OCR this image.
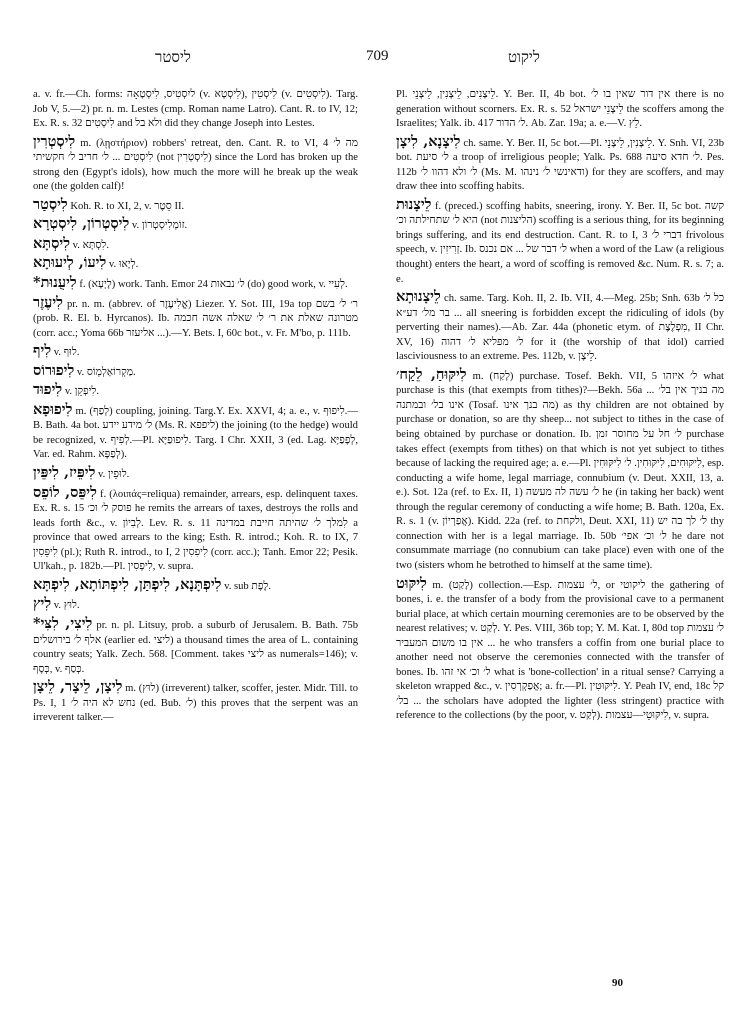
ליסטר	709	ליקוט
a. v. fr.—Ch. forms: ליִסְטִיס, לִיסְטָאָה (v. לִיסְטָא), לִיסְטִין (v. לִיסְטִים). Targ. Job V, 5.—2) pr. n. m. Lestes (cmp. Roman name Latro). Cant. R. to IV, 12; Ex. R. s. 32 לִיסְטִים and ולא בל did they change Joseph into Lestes.
לִיסְטְרִין m. (λῃστήριον) robbers' retreat, den. Cant. R. to VI, 4 מה ל׳ לִיסְטִים ... ל׳ חריב ל׳ חקשיתי (not לִיסְטְרִין) since the Lord has broken up the strong den (Egypt's idols), how much the more will he break up the weak one (the golden calf)!
לִיסְטַר Koh. R. to XI, 2, v. סֵטֶר II.
לִיסְטְרוֹן, לִיסְטְרָא v. זוֹמְלִיסְטְרוֹן.
לִיסְתָּא v. לִסְתָּא.
לִיעוֹ, לְיעוּתָא v. לְיָאוּ.
*לִיעֻנוּת f. (לָיְעָא) work. Tanh. Emor 24 ל׳ נבאות (do) good work, v. לְעִיי.
לִיעֶזֶר pr. n. m. (abbrev. of אֱלִיעֶזֶר) Liezer. Y. Sot. III, 19a top ר׳ ל׳ בשם (prob. R. El. b. Hyrcanos). Ib. מטרונה שאלת את ר׳ ל׳ שאלה אשה חכמה (corr. acc.; Yoma 66b אליעזר ...).—Y. Bets. I, 60c bot., v. Fr. M'bo, p. 111b.
לִיף v. לוּף.
לִיפוּרוֹס v. מַקְרוֹאַלְמְוֹס.
לִיפוּד v. לִיפְקֵן.
לִיפוּפָא m. (לְפַף) coupling, joining. Targ.Y. Ex. XXVI, 4; a. e., v. לִיפוּף.—B. Bath. 4a bot. ל׳ מידע יידע (Ms. R. ליפפא) the joining (to the hedge) would be recognized, v. לְפִיף.—Pl. לִיפוּפַיָּא. Targ. I Chr. XXII, 3 (ed. Lag. לְפָפַיָּא, Var. ed. Rahm. לְפַפָּא).
לִיפֵּיז, לִיפֵּין v. לוּפֵין.
לִיפֵּס, לוֹפֵס f. (λοιπάς=reliqua) remainder, arrears, esp. delinquent taxes. Ex. R. s. 15 פוסק ל׳ וכ׳ he remits the arrears of taxes, destroys the rolls and leads forth &c., v. לְבִיוֹן. Lev. R. s. 11 לִמלך ל׳ שהיתה חייבת במדינה a province that owed arrears to the king; Esth. R. introd.; Koh. R. to IX, 7 לִיפֵּסִין (pl.); Ruth R. introd., to I, 2 לִיפִסִין (corr. acc.); Tanh. Emor 22; Pesik. Ul'kah., p. 182b.—Pl. לִיפְסִין, v. supra.
לִיפְתָּנָא, לִיפְתַּן, לִיפְתּוֹתָא, לִיפְתָּא v. sub לֶפֶת.
לִיץ v. לוּץ.
*לִיצִי, לִצִּי pr. n. pl. Litsuy, prob. a suburb of Jerusalem. B. Bath. 75b אלף ל׳ בירושלים (earlier ed. ליצי) a thousand times the area of L. containing country seats; Yalk. Zech. 568. [Comment. takes ליצי as numerals=146); v. כְּסָף, v. כְּסַף.
לִיצָן, לֵיצָר, לֵיצָן m. (לוּץ) (irreverent) talker, scoffer, jester. Midr. Till. to Ps. I, 1 נחש לא היה ל׳ (ed. Bub. ל׳) this proves that the serpent was an irreverent talker.—
Pl. לֵיצָנִים, לֵיצָנִין, לֵיצָנֵי. Y. Ber. II, 4b bot. אין דור שאין בו ל׳ there is no generation without scorners. Ex. R. s. 52 לֵיצָנֵי ישראל the scoffers among the Israelites; Yalk. ib. 417 ל׳ הדור. Ab. Zar. 19a; a. e.—V. לֵץ.
לִיצָנָא, לִיצָן ch. same. Y. Ber. II, 5c bot.—Pl. לֵיצָנִין, לֵיצָנֵי. Y. Snh. VI, 23b bot. ל׳ סיעת a troop of irreligious people; Yalk. Ps. 688 ל׳ חדא סיעה. Pes. 112b ל׳ ולא דהוו ל׳ (Ms. M. ודאינשי ל׳ נינהו) for they are scoffers, and may draw thee into scoffing habits.
לֵיצָנוּת f. (preced.) scoffing habits, sneering, irony. Y. Ber. II, 5c bot. קשה היא ל׳ שתחילתה וכ׳ (not הליצנות) scoffing is a serious thing, for its beginning brings suffering, and its end destruction. Cant. R. to I, 3 דברי ל׳ frivolous speech, v. זְרִיזִין. Ib. ל׳ דבר של ... אם נכנס when a word of the Law (a religious thought) enters the heart, a word of scoffing is removed &c. Num. R. s. 7; a. e.
לֵיצָנוּתָא ch. same. Targ. Koh. II, 2. Ib. VII, 4.—Meg. 25b; Snh. 63b כל ל׳ ... בר מל׳ דע״א all sneering is forbidden except the ridiculing of idols (by perverting their names).—Ab. Zar. 44a (phonetic etym. of מִפְלֶצֶת, II Chr. XV, 16) ל׳ מפליא ל׳ דהוה for it (the worship of that idol) carried lasciviousness to an extreme. Pes. 112b, v. לֵיצָן.
לִיקּוּחַ, לֵקַח׳ m. (לָקַח) purchase. Tosef. Bekh. VII, 5 ל׳ איזהו what purchase is this (that exempts from tithes)?—Bekh. 56a מה בניך אין בל׳ ... אינו בל׳ ובמתנה (Tosaf. מה בנך אינו) as thy children are not obtained by purchase or donation, so are thy sheep... not subject to tithes in the case of being obtained by purchase or donation. Ib. ל׳ חל על מחוסר זמן purchase takes effect (exempts from tithes) on that which is not yet subject to tithes because of lacking the required age; a. e.—Pl. לִיקּוּחִים, לִיקּוּחִין. ל׳ לִיקּוּחִין, esp. conducting a wife home, legal marriage, connubium (v. Deut. XXII, 13, a. e.). Sot. 12a (ref. to Ex. II, 1) ל׳ עשה לה מעשה he (in taking her back) went through the regular ceremony of conducting a wife home; B. Bath. 120a, Ex. R. s. 1 (v. אֲפַרְיוֹן). Kidd. 22a (ref. to ולקחת, Deut. XXI, 11) ל׳ לך בה יש thy connection with her is a legal marriage. Ib. 50b ל׳ וכ׳ אפי׳ he dare not consummate marriage (no connubium can take place) even with one of the two (sisters whom he betrothed to himself at the same time).
לִיקּוּט m. (לָקַט) collection.—Esp. ל׳ עצמות, or ליקוטי the gathering of bones, i. e. the transfer of a body from the provisional cave to a permanent burial place, at which certain mourning ceremonies are to be observed by the nearest relatives; v. לְקַט. Y. Pes. VIII, 36b top; Y. M. Kat. I, 80d top ל׳ עצמות ... אין בו משום המעביר he who transfers a coffin from one burial place to another need not observe the ceremonies connected with the transfer of bones. Ib. ל׳ וכ׳ אי זהו what is 'bone-collection' in a ritual sense? Carrying a skeleton wrapped &c., v. אֲפַקְרְסִין; a. fr.—Pl. לִיקּוּטִין. Y. Peah IV, end, 18c קל ... בל׳ the scholars have adopted the lighter (less stringent) practice with reference to the collections (by the poor, v. לְקַט). לִיקּוּטֵי—עצמות, v. supra.
90
